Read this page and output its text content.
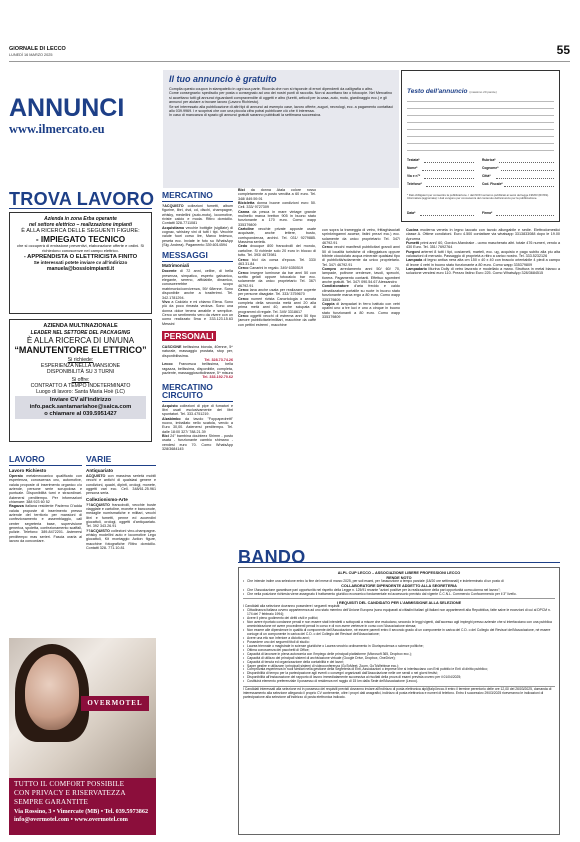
GIORNALE DI LECCO
LUNEDÌ 16 MARZO 2025	55
ANNUNCI
www.ilmercato.eu
Il tuo annuncio è gratuito

Compila questo coupon in stampatello in ogni sua parte. Ricorda che non si risponde di errori dipendenti da calligrafia o altro.

Come consegnarlo: spediscilo per posta o consegnalo ad uno dei nostri punti di raccolta. Non si accettano fax o fotocopie. Nel Mercatino si accettano tutti gli annunci riguardanti compravendite di oggetti e altro (furetti, articoli per la casa, auto, moto, giardinaggio ecc.) e gli annunci per aiutare a trovare lavoro (Lavoro Richiesto).

Se sei interessato alla pubblicazione di altri tipi di annunci ad esempio case, lavoro offerte, auguri, necrologi, ecc. a pagamento contattaci allo 039.9969. I e scoprirai che con una piccola cifra potrai pubblicare ciò che ti interessa.

In caso di mancanza di spazio gli annunci gratuiti saranno pubblicati la settimana successiva.

Testo dell'annuncio (massimo 20 parole)
Testata*	Rubrica*
Nome*	Cognome*
Via e n°*	Città*
Telefono*	Cod. Fiscale*
* Dati obbligatori per consentire la pubblicazione. I dati NON verranno pubblicati ai sensi del legge 196/03 (ROSS). Informativa (aggiornata): i dati vengono per conoscenza del contenuto dell'annuncio per la pubblicazione.
Data*	Firma*
TROVA LAVORO
Azienda in zona Erba operante
nel settore elettrico – realizzazione impianti
È ALLA RICERCA DELLE SEGUENTI FIGURE:
- IMPIEGATO TECNICO
che si occuperà di emissione preventivi, elaborazione offerte e ordini. Si richiedono conoscenze nel campo elettrico.
- APPRENDISTA O ELETTRICISTA FINITO
Se interessati potete inviare cv all'indirizzo
manuela@bossioimpianti.it
AZIENDA MULTINAZIONALE
LEADER NEL SETTORE DEL PACKAGING
È ALLA RICERCA DI UN/UNA
“MANUTENTORE ELETTRICO”
Si richiede:
ESPERIENZA NELLA MANSIONE
DISPONIBILITÀ SU 3 TURNI
Si offre:
CONTRATTO A TEMPO INDETERMINATO
Luogo di lavoro: Santa Maria Hoè (LC)
Inviare CV all'indirizzo
info.pack.santamariahoe@saica.com
o chiamare al 039.5951427
LAVORO
Lavoro Richiesto

Operaio metalmeccanico qualificato con esperienza, conoscenza cnc, automotive, valuta proposte di inserimento organico c/o aziende, persone serie scrupolosa e puntuale. Disponibilità turni e straordinari. Astenersi perditempo. Per informazioni chiamare: 388 923 60 52

Ragazza italiana residente Paderno D'adda valuta proposte di inserimento presso aziende del territorio per mansioni di confezionamento e assemblaggio, call center segreteria base, supervisione generica, spoletta, confezionamento scaffali, pulizie. Telefono: 389-8472201. Astenersi perditempo mas serieri. Fascia oraria al lavoro da concordare.

VARIE
Antiquariato

ACQUISTO con massima serietà mobili vecchi e antichi di qualsiasi genere e condizioni, quadri, dipinti, orologi, monete, oggetti vari ecc. Cell. 348/61.25.961 persona seria.

Collezionismo-Arte

??ACQUISTO francobolli, vecchie buste viaggiate e cartoline, monete e banconote, medaglie numismatiche e militari, vecchi libri e fumetti, penne ed accendini giocattoli, orologi, oggetti d'antiquariato. Tel. 392 343.26.91

??ACQUISTO collezioni vino-champagne-whisky modellini auto e locomotive Lego giocattoli, Kit montaggio Action figure, macchine fotografiche Ritiro domicilio. Contatti 328- 771.10.81

OVERMOTEL
TUTTO IL COMFORT POSSIBILE
CON PRIVACY E RISERVATEZZA SEMPRE GARANTITE
Via Rossino, 3 • Vimercate (MB) • Tel. 039.5973862
info@overmotel.com • www.overmotel.com
MERCATINO

?ACQUISTO collezioni fumetti, album figurine, libri, dvd, cd, dischi, champagne, whisky, medellini (auto-moto), locomotive, riviste calcio e moda. Ritiro domicilio. Contatti 328-7711081

Acquistiamo vecchie bottiglie (sigillate) di cognac, whiskey vini di tutti i tipi. Vecchie valute fuori corso lire, Marco tedesco, peseta ecc. Inviate le foto su WhatsApp (Sig. Andrea). Pagamento 339.6014594

MESSAGGI
Matrimoniali

Docente di 72 anni, celibe, di bella presenza, simpatico, esperto galvanico, elegante, sereno, affidabile, dinamico, conosceerebbe scopo matrimonio/convivenza, 59/ 68enne. Sono disponibile anche a trasferirmi. Tel. 342.1781294.

Vivo a Calolzio e mi chiamo Elena. Sono più da poco rimasta vedova. Sono una donna dolce tenera amabile e semplice. Cerco un sentimento vero da vivere con un uomo realizzato 5ma e 333.123.15.63 Messini

PERSONALI

CASCIONE bellissima bionda, 40enne, 5^ naturale, massaggio prostata, stop per, disponibilissima.

Tel. 328.73.74.26

Lecco Francesca bellissima, bella ragazza, bellissima, disponibile, completa, paziente, massaggiosottolineare, 5^ misura

Tel. 333.192.70.62

MERCATINO CIRCUITO

Acquisto collezioni di pipe di fumatori e libri usati esclusivamente dei libri spuntatori. Tel. 333.4751219.

Alzabimbo da tavolo "Foppapedretti" nuovo, imballato nello scatola, vendo a Euro 30,00. Astenersi perditempo. Tel. dalle 18:00 327/ 788.21.39

Bici 24" bambina doubleez Shimm - posto usata - funzionante cambio shimano - vendesi euro 70. Como WhatsApp 328/3684145

Bici da donna Atala colore rosso completamente a posto vendita a 60 euro. Tel. 348/ 849.59.91

Bicicletta donna buone condizioni euro 50. Cell. 333/ 9727309

Canna da pesca in mare vintage grande mulinello marca bretton 905 in buono stato funzionante a 170 euro. Como wapp 335379809

Cartoline vecchie private apposte usate acquisate, anche lettere, busto, corrispondenza, archivi. Tel. 031/ 9279885. Massima serietà.

Cedo dvuuque 800 francobolli del mondo, cartoline. Si richiede solo 20 euro in blocco di tutto. Tel. 393/ 4673981

Cerco bici da corsa d'epoca. Tel. 333/ 463.31.84

Cerco Canarini in regalo. 349/ 6350519

Cerco insegne luminose da bar anni 50 con scritto gelati oppure totocalcio bar ecc. solamente da unico proprietario Tel. 367/ 46792.91

Cerco lana anche usata per realizzare coperte per persone disagiate. Tel. 333/ 3759670

Cerco numeri rivista Cancrtologia o annata completa della seconda metà anni 20 alla prima metà anni 40, anche sciupata di programmi di regale. Tel. 349/ 3318617

Cerco oggetti vecchi di estrema anni 50 tipo (amore pubblicitarie/militari, macchine da caffè con pettini estremi , macchine

con sopra la trameggia di vetro, frittaghiacciati sprinkringamni accese, listini prezzi ecc.) ecc. solamente da unico proprietario Tel. 347/ 46792.91

Cerco vecchi manifesti pubblicitari grandi anni 50 di località turistiche di villeggiatura oppure bibinte ciocciolato acqua minerale qualsiasi tipo di pubblicità/solamente da unico proprietario. Tel. 347/ 46792.91

Compro arredamento anni 50/ 60/ 70, lampade, poltrone credenze, tavoli, specchi, tiorera. Pagamento contanti. Effettuo sgomberi anche gratuiti. Tel. 347/ 090.54.67 Alessandro

Condizionatore d'aria freddo e caldo climatizzatore portatile su ruote in buono stato funzionante marca ergo a 80 euro. Como wapp 335379809

Coppia di lampadari in ferro battuto con vetri opalini uno a tre luci e uno a cinque in buono stato funzionanti a 80 euro. Como wapp 335379809

Cucina moderna veneta in legno laccato con tavolo allungabile e sedie. Elettrodomestici classe A. Ottime condizioni. Euro 4.500 contattare via whatsapp 3313833088 dopo le 19.00 Aprurma

Fumetti primi anni' 60, Gordon-Mandrake - uomo mascherato altri. totale 476 numeri, vendo a 430 Euro. Tel. 351/ 7692764

Furgoni arterrei 8 tutti i tipi, cosiarneti, marteli, ecc. ug, acquisto e pago subito alla piu alta valutazioni di mercato. Passaggio di proprietà a ritiro a carico nostro. Tel. 333.5232126

Lampada di legno antica nera alta cm 150 x 40 x 40 con braccio orientabile 4 piedi a campo di leone 4 vetri in buono stato funzionante a 80 euro. Como wapp 335379809

Lampadario Murina Dolly di vetro lavorato e modellato a mano. Struttura in metal bianco a soluzione vendesi euro 110. Prezzo listino Euro 225. Como WhatsApp 328/3684515

BANDO
ALPL CUP LECCO – ASSOCIAZIONE LIBERE PROFESSIONI LECCO
RENDE NOTO
• Che intende indire una selezione entro la fine del mese di marzo 2025, per soli esami, per l'assunzione a tempo parziale (18/20 ore settimanali) e indeterminato di un posto di
COLLABORATORE DIPENDENTE ADDETTO ALLA SEGRETERIA
• Che l'Associazione garantisce pari opportunità nel rispetto della Legge n. 125/91 recante "azioni positive per la realizzazione della pari opportunità uomo-donna nel lavoro";
• Che nella posizione richiesta viene assegnato il trattamento giuridico economico fondamentale ed accessorio previsto dal vigente C.C.N.L. Commercio Confcommercio per il 3° livello.
I REQUISITI DEL CANDIDATO PER L'AMMISSIONE ALLA SELEZIONE
I Candidati alla selezione dovranno possedere i seguenti requisiti:
• Cittadinanza italiana ovvero appartenenza ad uno stato membro dell'Unione Europea (sono equiparati ai cittadini italiani gli italiani non appartenenti alla Repubblica, fatte salve le eccezioni di cui al DPCM n. 174 del 7 febbraio 1994);
• Avere il pieno godimento dei diritti civili e politici;
• Non avere riportato condanne penali e non essere stati interdetti o sottoposti a misure che escludano, secondo le leggi vigenti, dall'accesso agli impieghi presso aziende che si interfacciano con una pubblica amministrazione né avere procedimenti penali in corso e di non avere vertenze in corso con l'Associazione stessa;
• Non essere alle dipendenze in qualità di componente dell'Associazione, né essere parenti entro il secondo grado di un componente in carica del C.D. o del Collegio dei Revisori dell'Associazione, né essere coniuge di un componente in carica del C.D. o del Collegio dei Revisori dell'Associazione;
• Avere una età non inferiore a diciotto anni;
• Possedere uno dei seguenti titoli di studio:
• Laurea triennale o magistrale in scienze giuridiche o Laurea vecchio ordinamento in Giurisprudenza o scienze politiche;
• Ottima conoscenza del pacchetti di Office;
• Capacità di lavorare in piena autonomia con l'impiego delle principali piattaforme (Microsoft 365, Dropbox ecc.);
• Capacità di utilizzo dei principali sistemi di archiviazione virtuale (Google Drive, Dropbox, OneDrive);
• Capacità di tenuta ed organizzazione della contabilità e dei lavori;
• Saper gestire e utilizzare i principali sistemi di videoconferenza (GoToMeet, Zoom, GoToWebinar ecc.);
• Comprovata esperienza in ruoli similari nella gestione della Segreteria di Enti, Associazioni o imprese che si interfacciano con Enti pubblici e Enti di diritto pubblico;
• Disponibilità di tempo per la partecipazione agli eventi o convegni organizzati dall'Associazione nelle ore serali o nei giorni festivi;
• Disponibilità all'instaurazione del rapporto di lavoro immediatamente successiva ai risultati della prova di esami prevista ovvero per il 01/04/2025;
• Costituirà elemento preferenziale il possesso di residenza nel raggio di 15 km dalla Sede dell'Associazione (Lecco).
I Candidati interessati alla selezione ed in possesso dei requisiti previsti dovranno inviare all'indirizzo di posta elettronica alpl@alpl.lecco.it entro il termine perentorio delle ore 12,00 del 26/03/2025, domanda di interessamento alla selezione allegando il proprio CV contenente, oltre i propri dati anagrafici, indirizzo di posta elettronica e numeri di telefono. Entro il successivo 29/03/2025 riceveranno le indicazioni di partecipazione alla selezione all'indirizzo di posta elettronica indicato.
